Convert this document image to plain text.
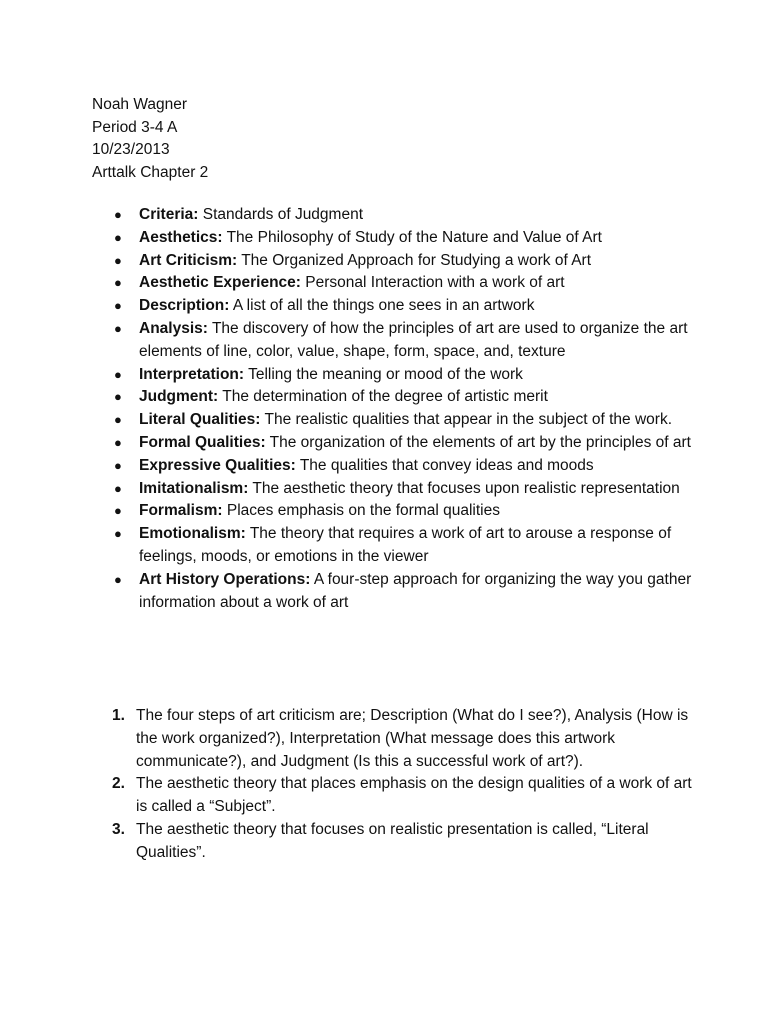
Noah Wagner
Period 3-4 A
10/23/2013
Arttalk Chapter 2
● Criteria: Standards of Judgment
● Aesthetics: The Philosophy of Study of the Nature and Value of Art
● Art Criticism: The Organized Approach for Studying a work of Art
● Aesthetic Experience: Personal Interaction with a work of art
● Description: A list of all the things one sees in an artwork
● Analysis: The discovery of how the principles of art are used to organize the art elements of line, color, value, shape, form, space, and, texture
● Interpretation: Telling the meaning or mood of the work
● Judgment: The determination of the degree of artistic merit
● Literal Qualities: The realistic qualities that appear in the subject of the work.
● Formal Qualities: The organization of the elements of art by the principles of art
● Expressive Qualities: The qualities that convey ideas and moods
● Imitationalism: The aesthetic theory that focuses upon realistic representation
● Formalism: Places emphasis on the formal qualities
● Emotionalism: The theory that requires a work of art to arouse a response of feelings, moods, or emotions in the viewer
● Art History Operations: A four-step approach for organizing the way you gather information about a work of art
1. The four steps of art criticism are; Description (What do I see?), Analysis (How is the work organized?), Interpretation (What message does this artwork communicate?), and Judgment (Is this a successful work of art?).
2. The aesthetic theory that places emphasis on the design qualities of a work of art is called a “Subject”.
3. The aesthetic theory that focuses on realistic presentation is called, “Literal Qualities”.
